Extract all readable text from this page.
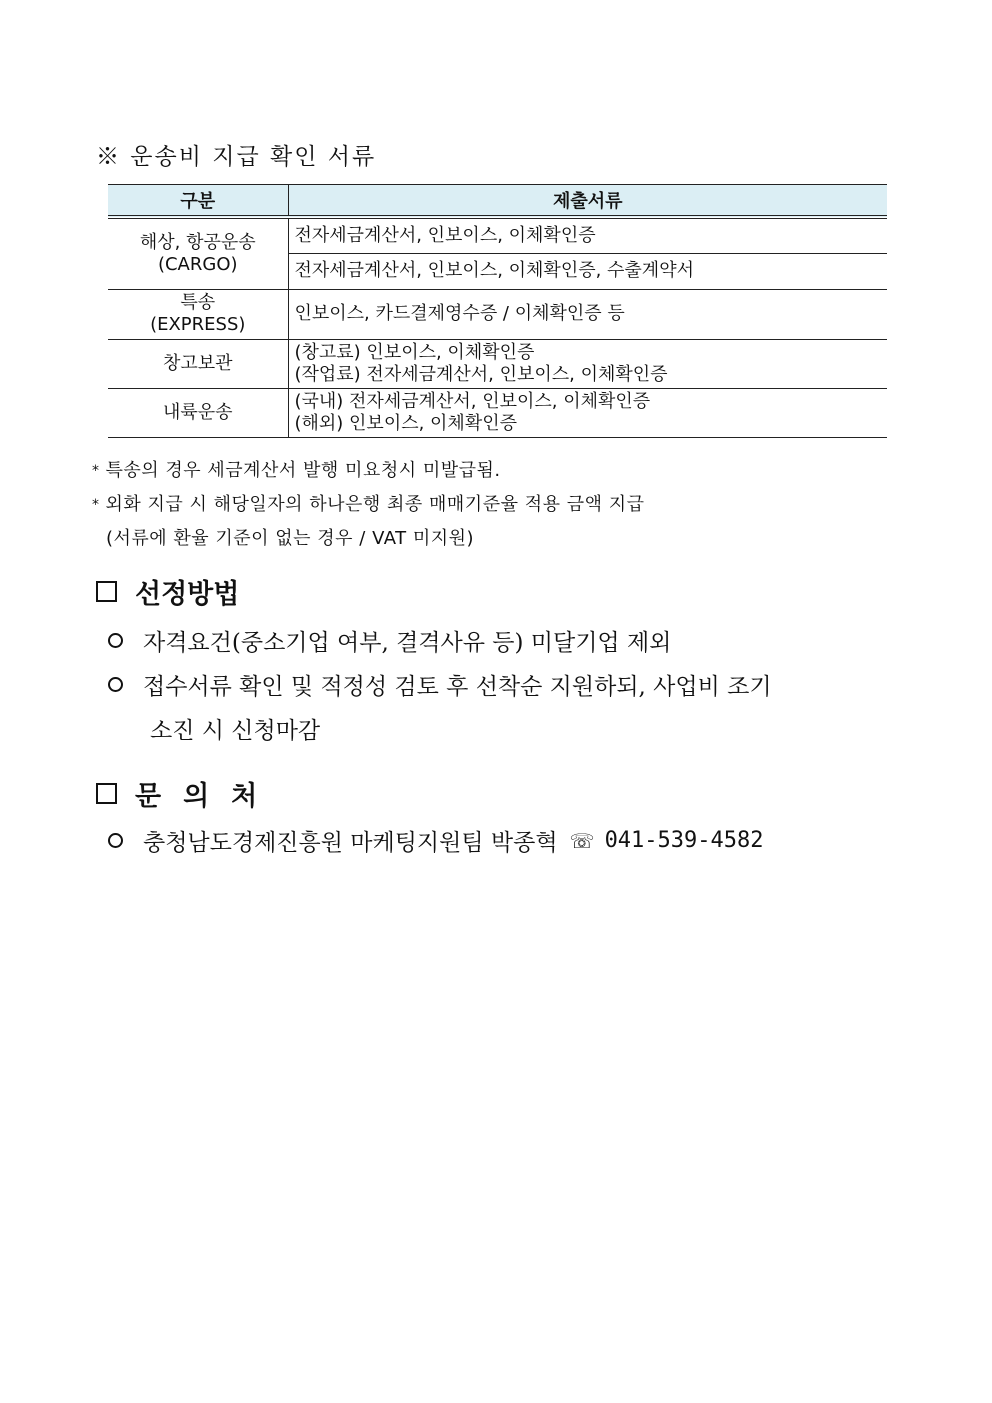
※ 운송비 지급 확인 서류
구분	제출서류

해상, 항공운송
(CARGO)	전자세금계산서, 인보이스, 이체확인증
	전자세금계산서, 인보이스, 이체확인증, 수출계약서

특송
(EXPRESS)	인보이스, 카드결제영수증 / 이체확인증 등
창고보관	(창고료) 인보이스, 이체확인증
(작업료) 전자세금계산서, 인보이스, 이체확인증

내륙운송	(국내) 전자세금계산서, 인보이스, 이체확인증
(해외) 인보이스, 이체확인증

* 특송의 경우 세금계산서 발행 미요청시 미발급됨.

* 외화 지급 시 해당일자의 하나은행 최종 매매기준율 적용 금액 지급

(서류에 환율 기준이 없는 경우 / VAT 미지원)

선정방법

자격요건(중소기업 여부, 결격사유 등) 미달기업 제외

접수서류 확인 및 적정성 검토 후 선착순 지원하되, 사업비 조기

소진 시 신청마감

문의처

충청남도경제진흥원 마케팅지원팀 박종혁 ☏ 041-539-4582
